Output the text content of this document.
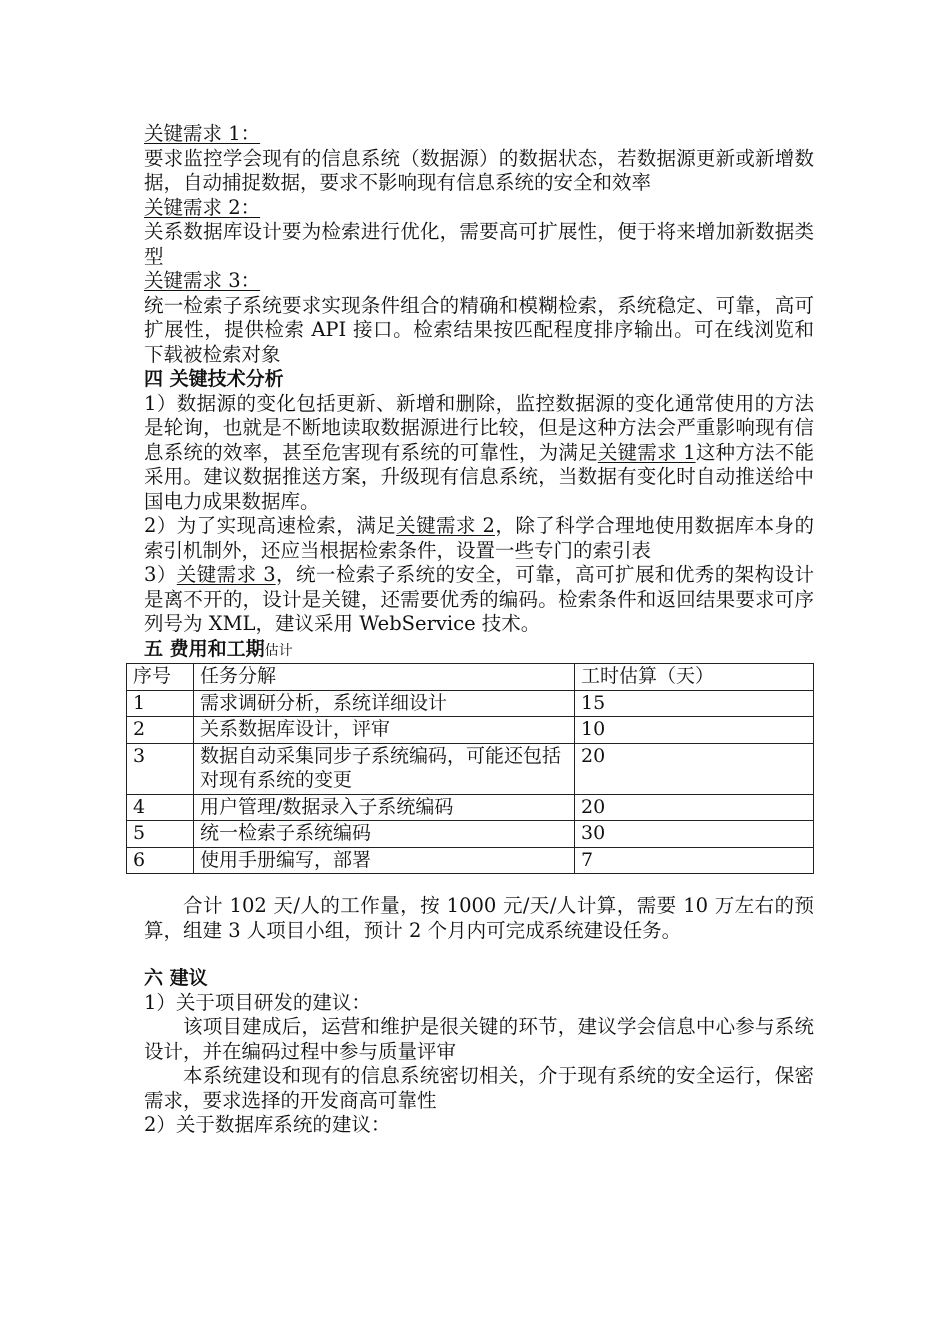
关键需求 1：

要求监控学会现有的信息系统（数据源）的数据状态，若数据源更新或新增数据，自动捕捉数据，要求不影响现有信息系统的安全和效率

关键需求 2：

关系数据库设计要为检索进行优化，需要高可扩展性，便于将来增加新数据类型

关键需求 3：

统一检索子系统要求实现条件组合的精确和模糊检索，系统稳定、可靠，高可扩展性，提供检索 API 接口。检索结果按匹配程度排序输出。可在线浏览和下载被检索对象

四 关键技术分析

1）数据源的变化包括更新、新增和删除，监控数据源的变化通常使用的方法是轮询，也就是不断地读取数据源进行比较，但是这种方法会严重影响现有信息系统的效率，甚至危害现有系统的可靠性，为满足关键需求 1这种方法不能采用。建议数据推送方案，升级现有信息系统，当数据有变化时自动推送给中国电力成果数据库。

2）为了实现高速检索，满足关键需求 2，除了科学合理地使用数据库本身的索引机制外，还应当根据检索条件，设置一些专门的索引表

3）关键需求 3，统一检索子系统的安全，可靠，高可扩展和优秀的架构设计是离不开的，设计是关键，还需要优秀的编码。检索条件和返回结果要求可序列号为 XML，建议采用 WebService 技术。

五 费用和工期估计

序号	任务分解	工时估算（天）
1	需求调研分析，系统详细设计	15
2	关系数据库设计，评审	10
3	数据自动采集同步子系统编码，可能还包括对现有系统的变更	20
4	用户管理/数据录入子系统编码	20
5	统一检索子系统编码	30
6	使用手册编写，部署	7

合计 102 天/人的工作量，按 1000 元/天/人计算，需要 10 万左右的预算，组建 3 人项目小组，预计 2 个月内可完成系统建设任务。

六 建议

1）关于项目研发的建议：

该项目建成后，运营和维护是很关键的环节，建议学会信息中心参与系统设计，并在编码过程中参与质量评审

本系统建设和现有的信息系统密切相关，介于现有系统的安全运行，保密需求，要求选择的开发商高可靠性

2）关于数据库系统的建议：
